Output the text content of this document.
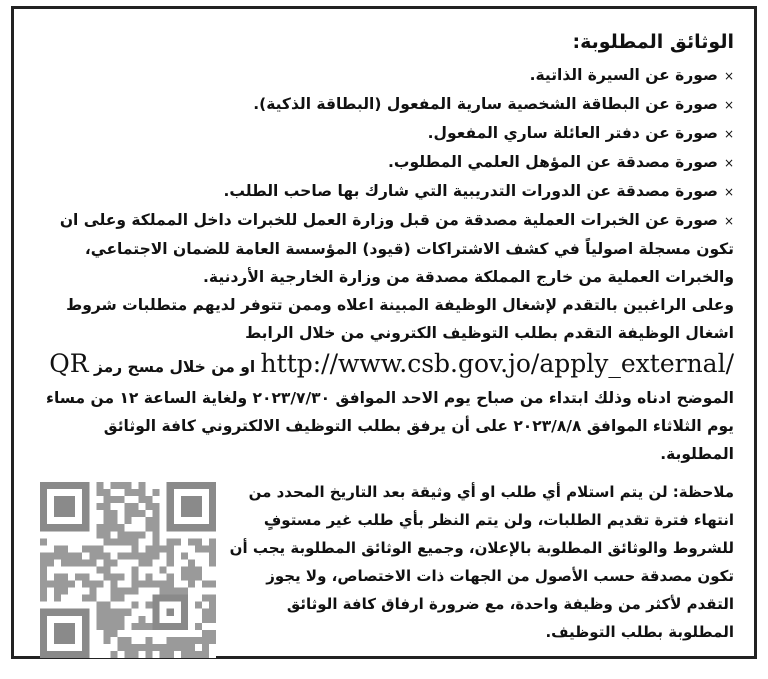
الوثائق المطلوبة:
×صورة عن السيرة الذاتية.
×صورة عن البطاقة الشخصية سارية المفعول (البطاقة الذكية).
×صورة عن دفتر العائلة ساري المفعول.
×صورة مصدقة عن المؤهل العلمي المطلوب.
×صورة مصدقة عن الدورات التدريبية التي شارك بها صاحب الطلب.
×صورة عن الخبرات العملية مصدقة من قبل وزارة العمل للخبرات داخل المملكة وعلى ان تكون مسجلة اصولياً في كشف الاشتراكات (قيود) المؤسسة العامة للضمان الاجتماعي، والخبرات العملية من خارج المملكة مصدقة من وزارة الخارجية الأردنية.

وعلى الراغبين بالتقدم لإشغال الوظيفة المبينة اعلاه وممن تتوفر لديهم متطلبات شروط اشغال الوظيفة التقدم بطلب التوظيف الكتروني من خلال الرابط

http://www.csb.gov.jo/apply_external/ او من خلال مسح رمز QR

الموضح ادناه وذلك ابتداء من صباح يوم الاحد الموافق ٢٠٢٣/٧/٣٠ ولغاية الساعة ١٢ من مساء يوم الثلاثاء الموافق ٢٠٢٣/٨/٨ على أن يرفق بطلب التوظيف الالكتروني كافة الوثائق المطلوبة.

ملاحظة: لن يتم استلام أي طلب او أي وثيقة بعد التاريخ المحدد من انتهاء فترة تقديم الطلبات، ولن يتم النظر بأي طلب غير مستوفٍ للشروط والوثائق المطلوبة بالإعلان، وجميع الوثائق المطلوبة يجب أن تكون مصدقة حسب الأصول من الجهات ذات الاختصاص، ولا يجوز التقدم لأكثر من وظيفة واحدة، مع ضرورة ارفاق كافة الوثائق المطلوبة بطلب التوظيف.
